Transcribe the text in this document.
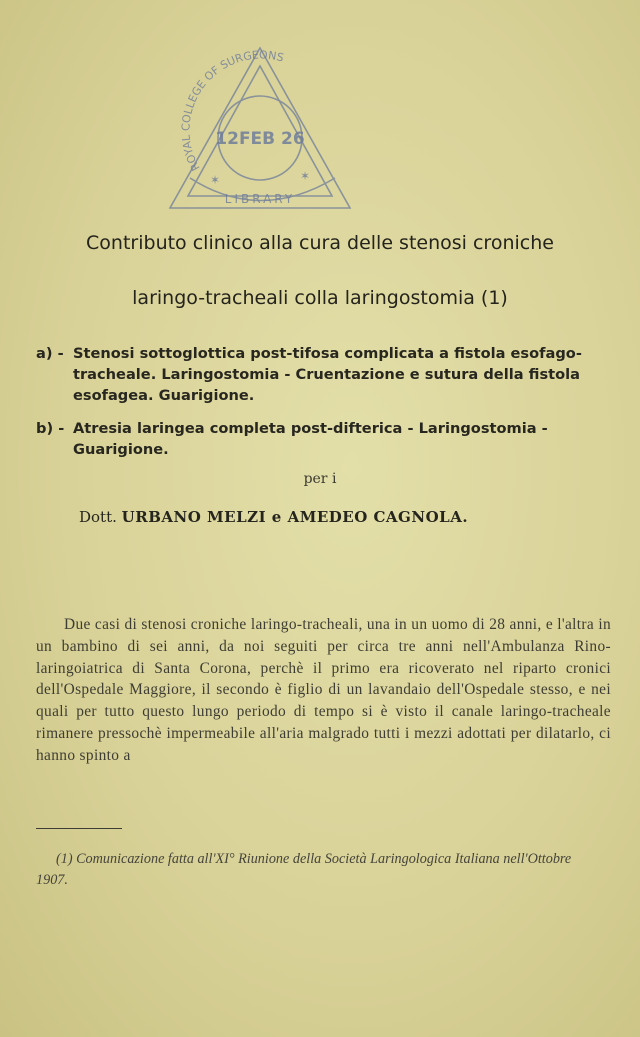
ROYAL COLLEGE OF SURGEONS
12FEB 26
LIBRARY
✶	✶
Contributo clinico alla cura delle stenosi croniche
laringo-tracheali colla laringostomia (1)
a) - Stenosi sottoglottica post-tifosa complicata a fistola esofago-tracheale. Laringostomia - Cruentazione e sutura della fistola esofagea. Guarigione.
b) - Atresia laringea completa post-difterica - Laringostomia - Guarigione.
per i
Dott. URBANO MELZI e AMEDEO CAGNOLA.
Due casi di stenosi croniche laringo-tracheali, una in un uomo di 28 anni, e l'altra in un bambino di sei anni, da noi seguiti per circa tre anni nell'Ambulanza Rino-laringoiatrica di Santa Corona, perchè il primo era ricoverato nel riparto cronici dell'Ospedale Maggiore, il secondo è figlio di un lavandaio dell'Ospedale stesso, e nei quali per tutto questo lungo periodo di tempo si è visto il canale laringo-tracheale rimanere pressochè impermeabile all'aria malgrado tutti i mezzi adottati per dilatarlo, ci hanno spinto a
(1) Comunicazione fatta all'XI° Riunione della Società Laringologica Italiana nell'Ottobre 1907.
